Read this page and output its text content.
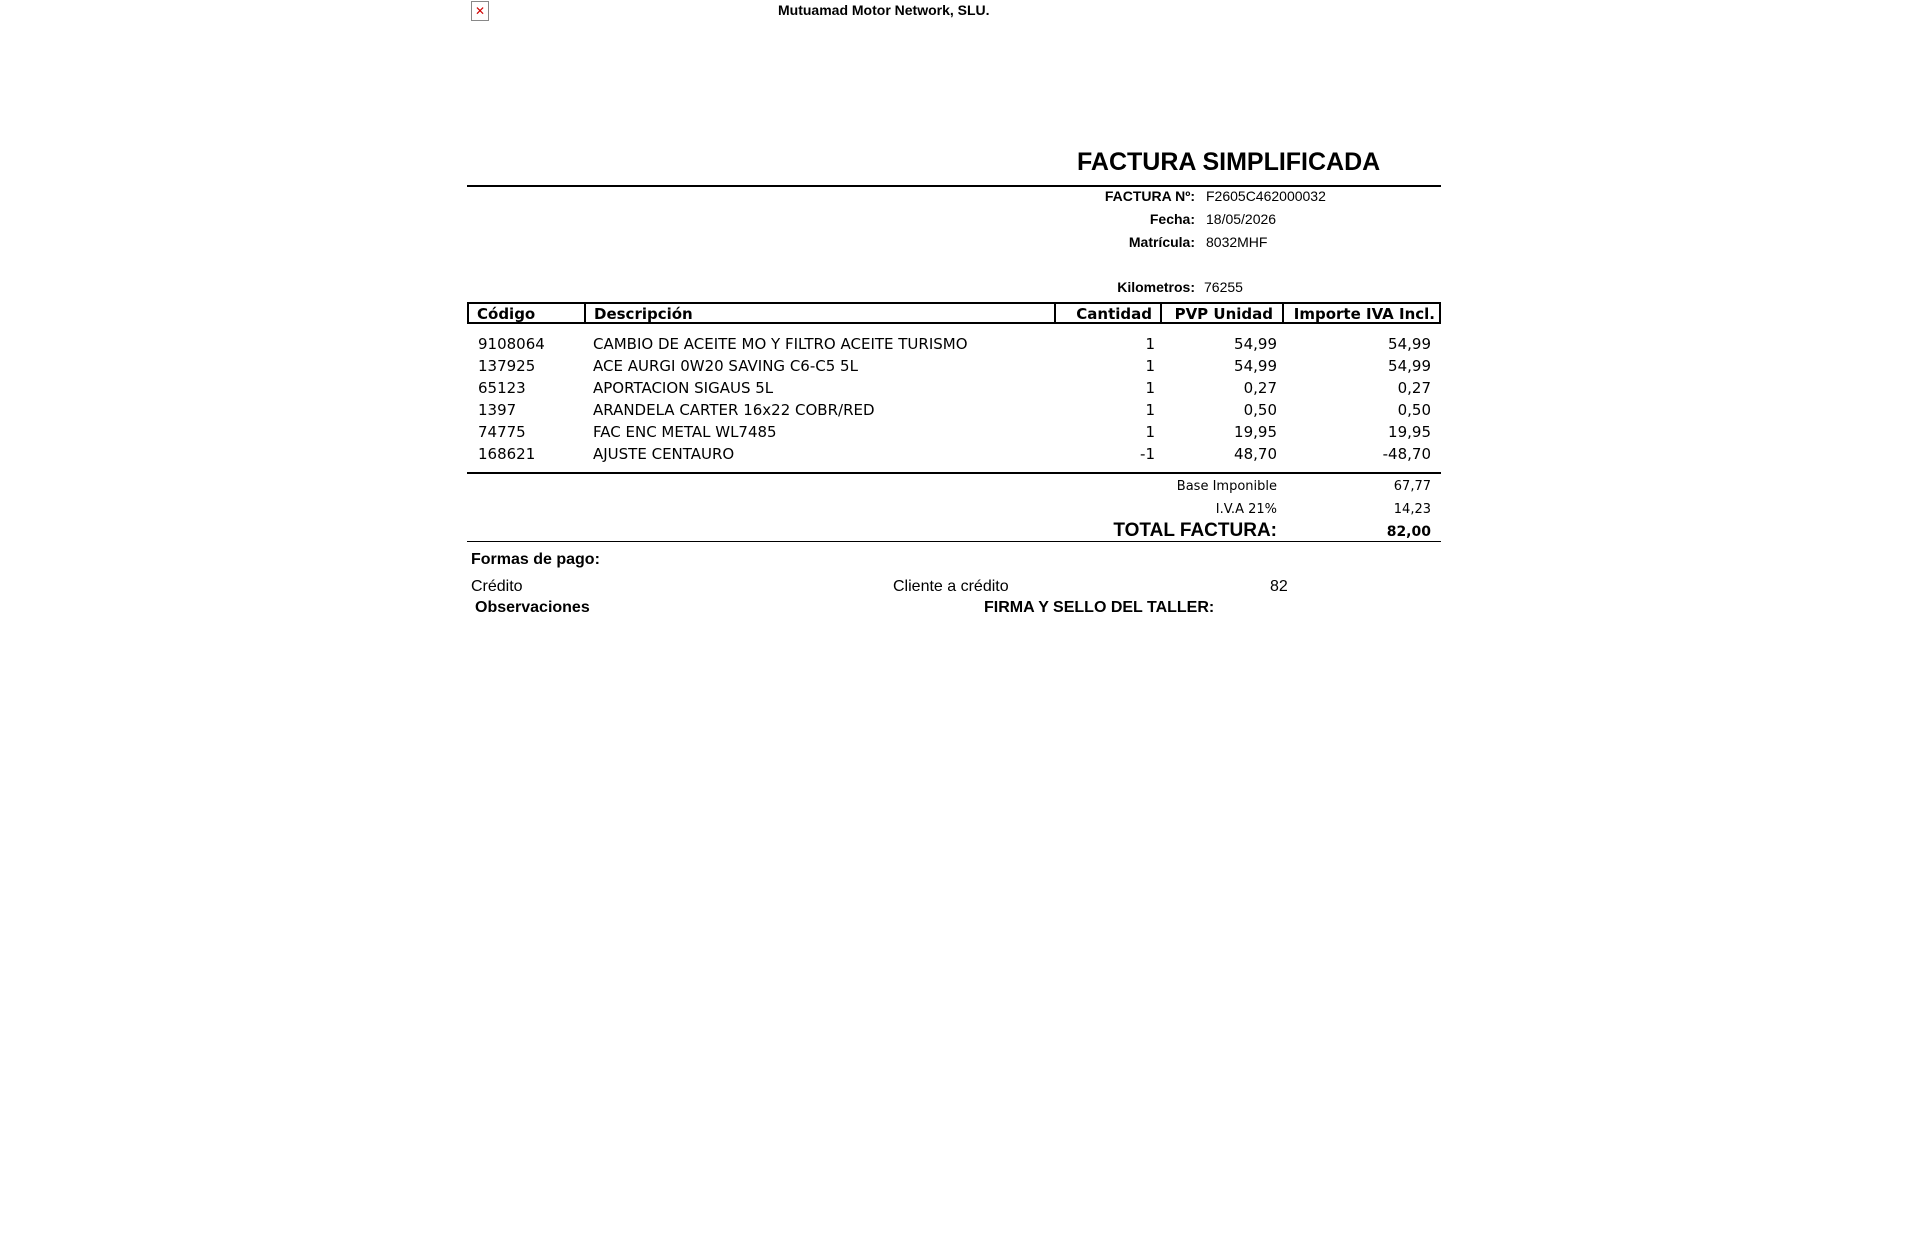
✕
Mutuamad Motor Network, SLU.
FACTURA SIMPLIFICADA
FACTURA Nº: F2605C462000032
Fecha: 18/05/2026
Matrícula: 8032MHF
Kilometros: 76255
Código	Descripción	Cantidad	PVP Unidad	Importe IVA Incl.
9108064	CAMBIO DE ACEITE MO Y FILTRO ACEITE TURISMO	1	54,99	54,99
137925	ACE AURGI 0W20 SAVING C6-C5 5L	1	54,99	54,99
65123	APORTACION SIGAUS 5L	1	0,27	0,27
1397	ARANDELA CARTER 16x22 COBR/RED	1	0,50	0,50
74775	FAC ENC METAL WL7485	1	19,95	19,95
168621	AJUSTE CENTAURO	-1	48,70	-48,70
Base Imponible	67,77
I.V.A 21%	14,23
TOTAL FACTURA:	82,00
Formas de pago:
Crédito	Cliente a crédito	82
Observaciones	FIRMA Y SELLO DEL TALLER:
